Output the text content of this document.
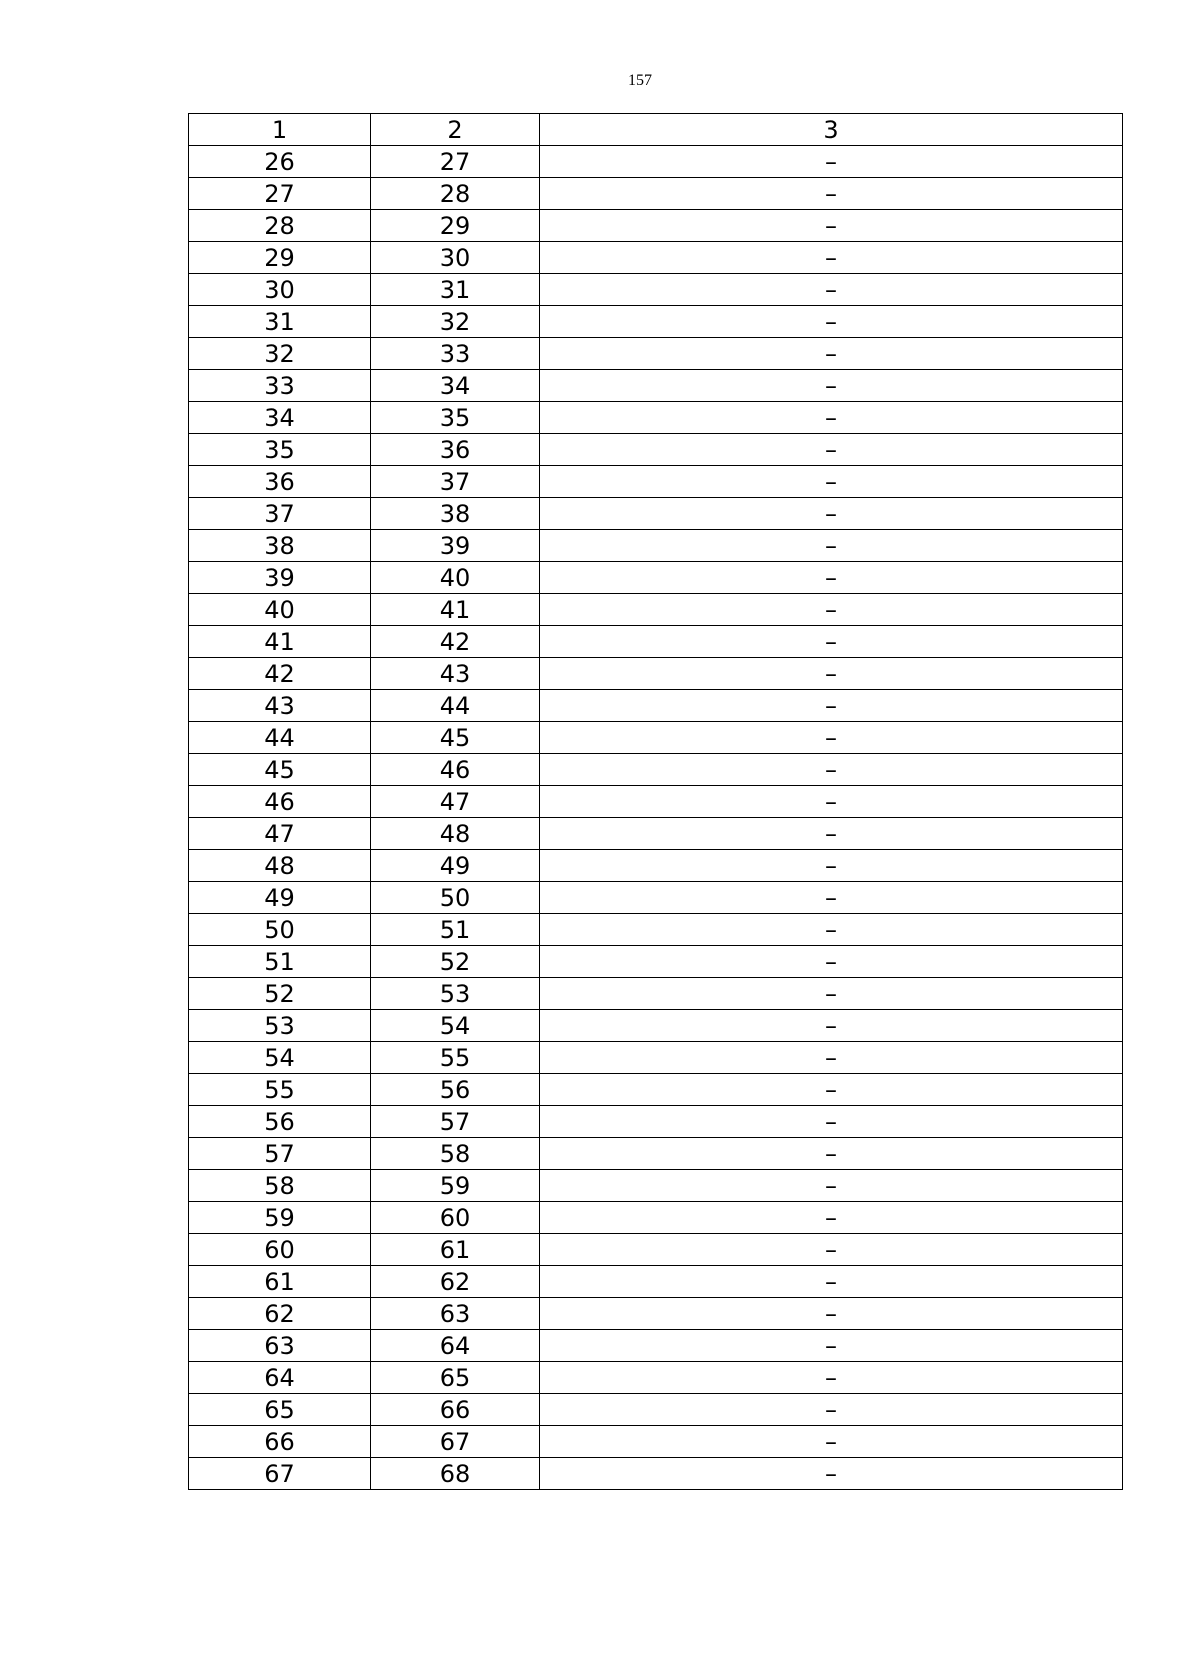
157
1	2	3
26	27	–
27	28	–
28	29	–
29	30	–
30	31	–
31	32	–
32	33	–
33	34	–
34	35	–
35	36	–
36	37	–
37	38	–
38	39	–
39	40	–
40	41	–
41	42	–
42	43	–
43	44	–
44	45	–
45	46	–
46	47	–
47	48	–
48	49	–
49	50	–
50	51	–
51	52	–
52	53	–
53	54	–
54	55	–
55	56	–
56	57	–
57	58	–
58	59	–
59	60	–
60	61	–
61	62	–
62	63	–
63	64	–
64	65	–
65	66	–
66	67	–
67	68	–
